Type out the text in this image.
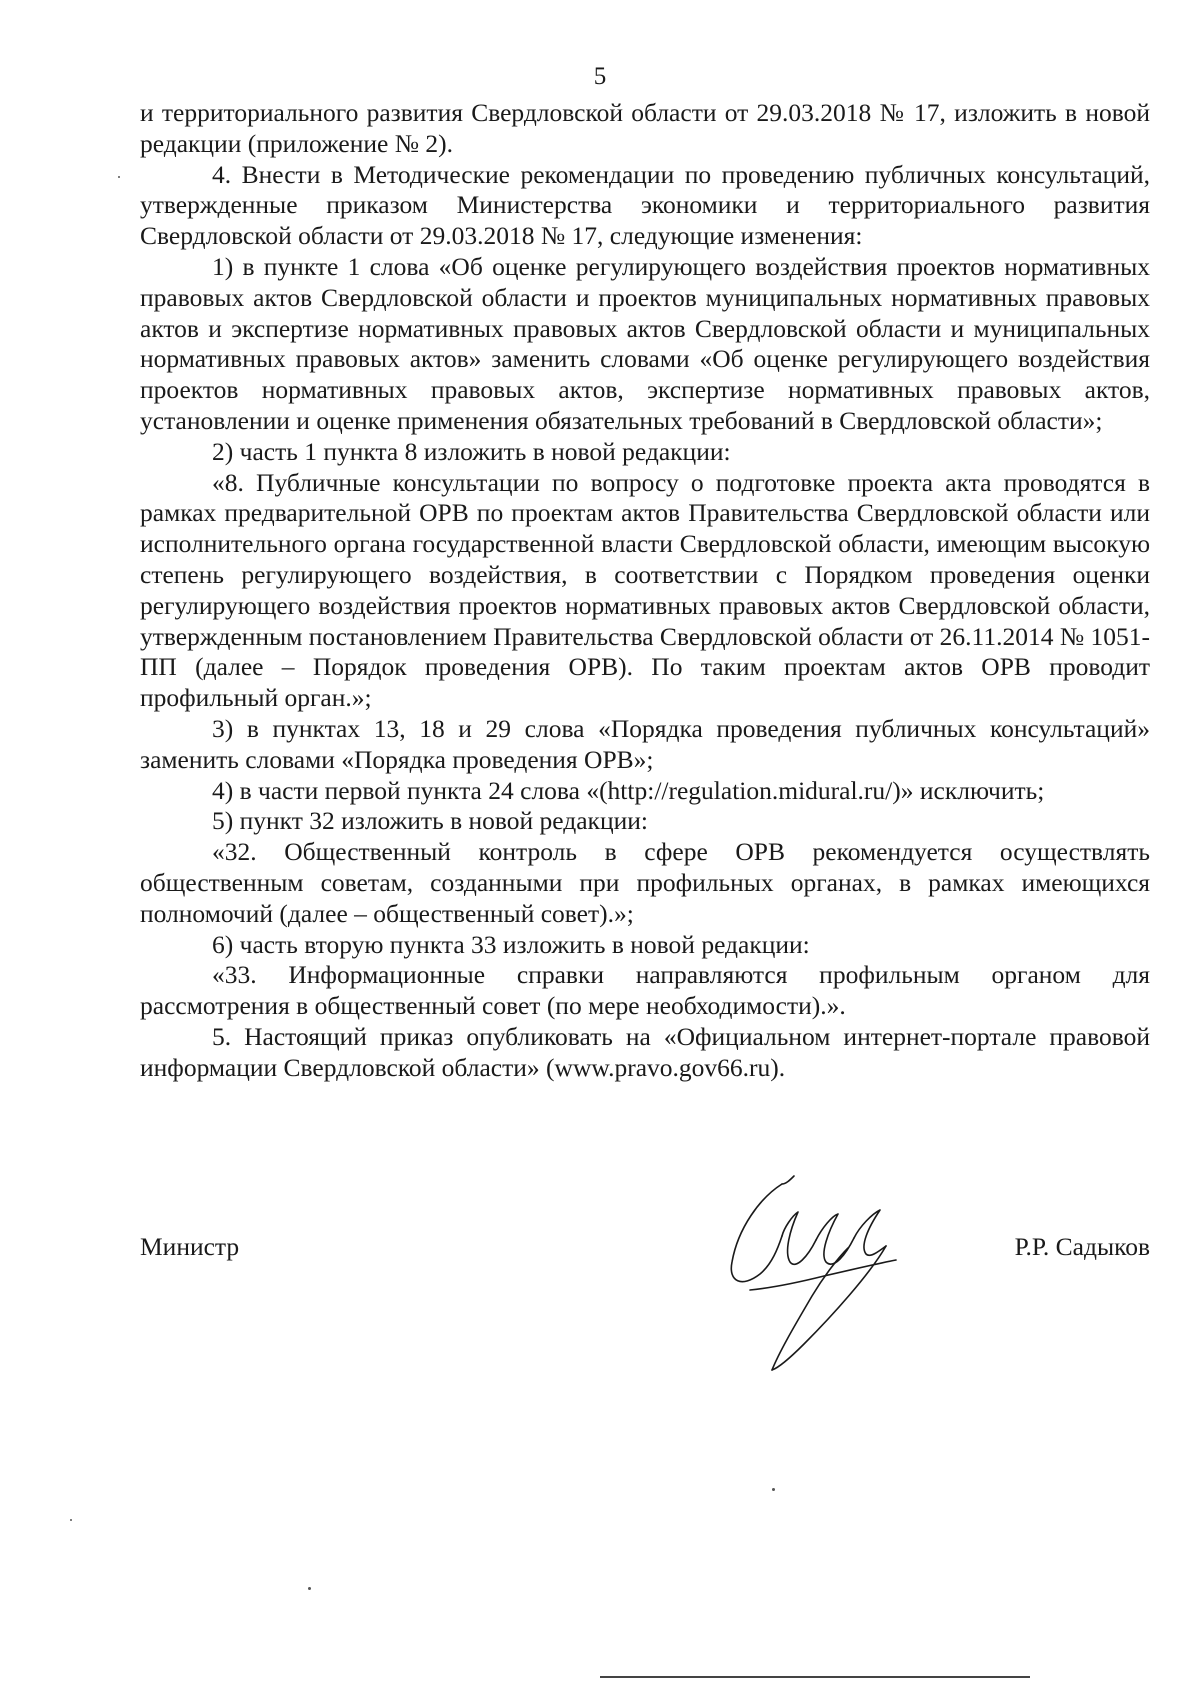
5

и территориального развития Свердловской области от 29.03.2018 № 17, изложить в новой редакции (приложение № 2).

4. Внести в Методические рекомендации по проведению публичных консультаций, утвержденные приказом Министерства экономики и территориального развития Свердловской области от 29.03.2018 № 17, следующие изменения:

1) в пункте 1 слова «Об оценке регулирующего воздействия проектов нормативных правовых актов Свердловской области и проектов муниципальных нормативных правовых актов и экспертизе нормативных правовых актов Свердловской области и муниципальных нормативных правовых актов» заменить словами «Об оценке регулирующего воздействия проектов нормативных правовых актов, экспертизе нормативных правовых актов, установлении и оценке применения обязательных требований в Свердловской области»;

2) часть 1 пункта 8 изложить в новой редакции:

«8. Публичные консультации по вопросу о подготовке проекта акта проводятся в рамках предварительной ОРВ по проектам актов Правительства Свердловской области или исполнительного органа государственной власти Свердловской области, имеющим высокую степень регулирующего воздействия, в соответствии с Порядком проведения оценки регулирующего воздействия проектов нормативных правовых актов Свердловской области, утвержденным постановлением Правительства Свердловской области от 26.11.2014 № 1051-ПП (далее – Порядок проведения ОРВ). По таким проектам актов ОРВ проводит профильный орган.»;

3) в пунктах 13, 18 и 29 слова «Порядка проведения публичных консультаций» заменить словами «Порядка проведения ОРВ»;

4) в части первой пункта 24 слова «(http://regulation.midural.ru/)» исключить;

5) пункт 32 изложить в новой редакции:

«32. Общественный контроль в сфере ОРВ рекомендуется осуществлять общественным советам, созданными при профильных органах, в рамках имеющихся полномочий (далее – общественный совет).»;

6) часть вторую пункта 33 изложить в новой редакции:

«33. Информационные справки направляются профильным органом для рассмотрения в общественный совет (по мере необходимости).».

5. Настоящий приказ опубликовать на «Официальном интернет-портале правовой информации Свердловской области» (www.pravo.gov66.ru).

Министр	Р.Р. Садыков
